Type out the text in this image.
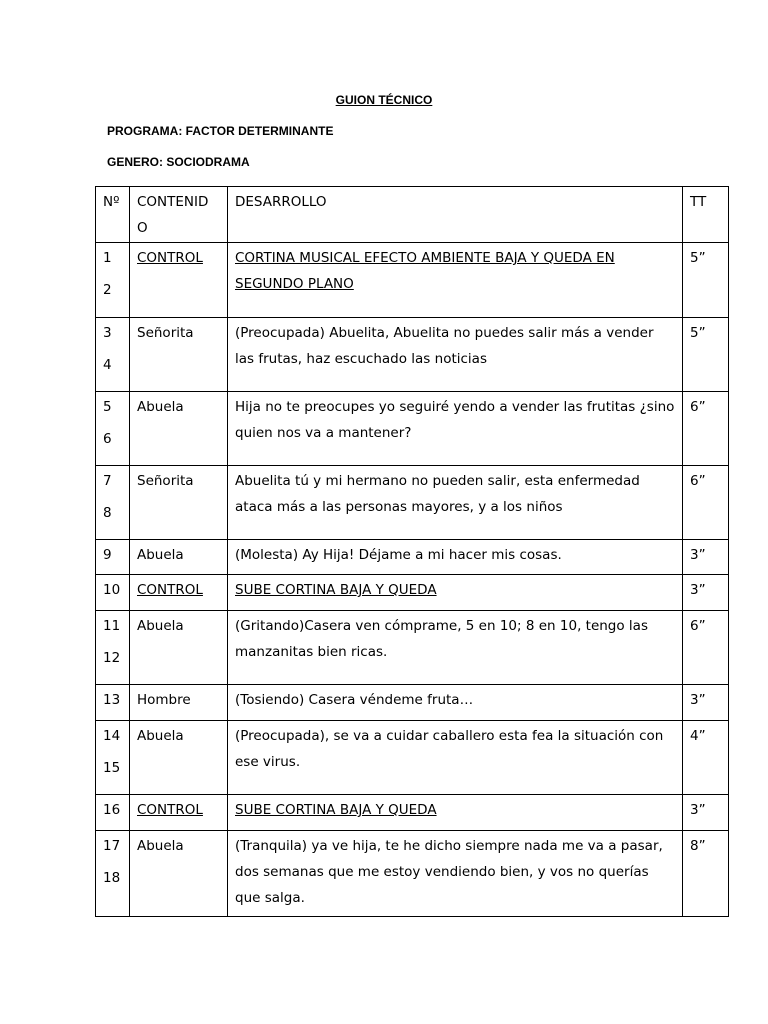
GUION TÉCNICO
PROGRAMA: FACTOR DETERMINANTE
GENERO: SOCIODRAMA
Nº	CONTENID O	DESARROLLO	TT

1
2	CONTROL	CORTINA MUSICAL EFECTO AMBIENTE BAJA Y QUEDA EN SEGUNDO PLANO	5”

3
4	Señorita	(Preocupada) Abuelita, Abuelita no puedes salir más a vender las frutas, haz escuchado las noticias	5”

5
6	Abuela	Hija no te preocupes yo seguiré yendo a vender las frutitas ¿sino quien nos va a mantener?	6”

7
8	Señorita	Abuelita tú y mi hermano no pueden salir, esta enfermedad ataca más a las personas mayores, y a los niños	6”

9	Abuela	(Molesta) Ay Hija! Déjame a mi hacer mis cosas.	3”

10	CONTROL	SUBE CORTINA BAJA Y QUEDA	3”

11
12	Abuela	(Gritando)Casera ven cómprame, 5 en 10; 8 en 10, tengo las manzanitas bien ricas.	6”

13	Hombre	(Tosiendo) Casera véndeme fruta…	3”

14
15	Abuela	(Preocupada), se va a cuidar caballero esta fea la situación con ese virus.	4”

16	CONTROL	SUBE CORTINA BAJA Y QUEDA	3”

17
18	Abuela	(Tranquila) ya ve hija, te he dicho siempre nada me va a pasar, dos semanas que me estoy vendiendo bien, y vos no querías que salga.	8”
